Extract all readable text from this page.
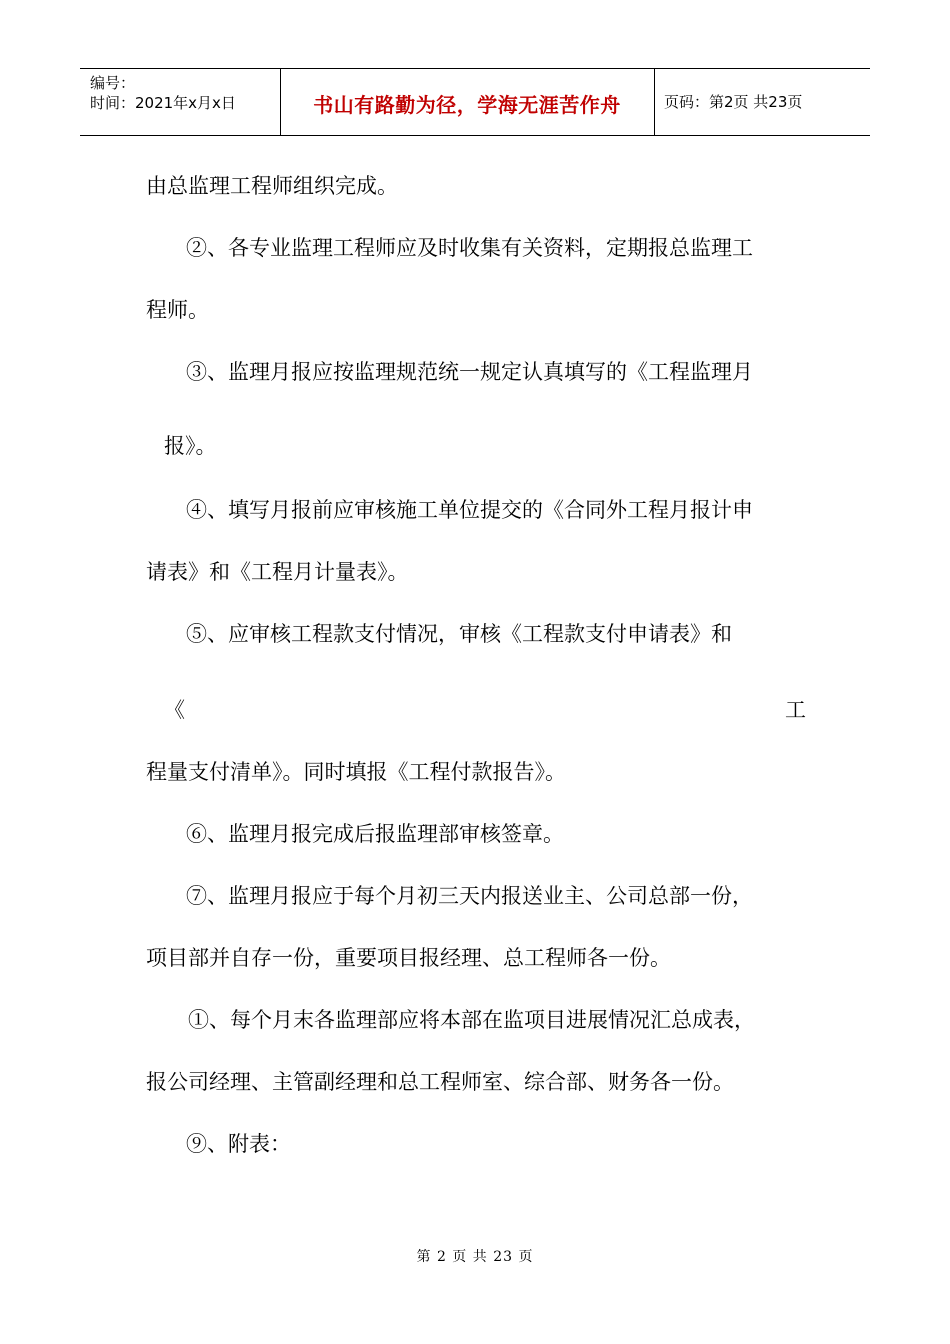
编号：
时间：2021年x月x日	书山有路勤为径，学海无涯苦作舟	页码：第2页 共23页
由总监理工程师组织完成。
②、各专业监理工程师应及时收集有关资料，定期报总监理工
程师。
③、监理月报应按监理规范统一规定认真填写的《工程监理月
报》。
④、填写月报前应审核施工单位提交的《合同外工程月报计申
请表》和《工程月计量表》。
⑤、应审核工程款支付情况，审核《工程款支付申请表》和
《	工
程量支付清单》。同时填报《工程付款报告》。
⑥、监理月报完成后报监理部审核签章。
⑦、监理月报应于每个月初三天内报送业主、公司总部一份，
项目部并自存一份，重要项目报经理、总工程师各一份。
①、每个月末各监理部应将本部在监项目进展情况汇总成表，
报公司经理、主管副经理和总工程师室、综合部、财务各一份。
⑨、附表：
第 2 页 共 23 页
